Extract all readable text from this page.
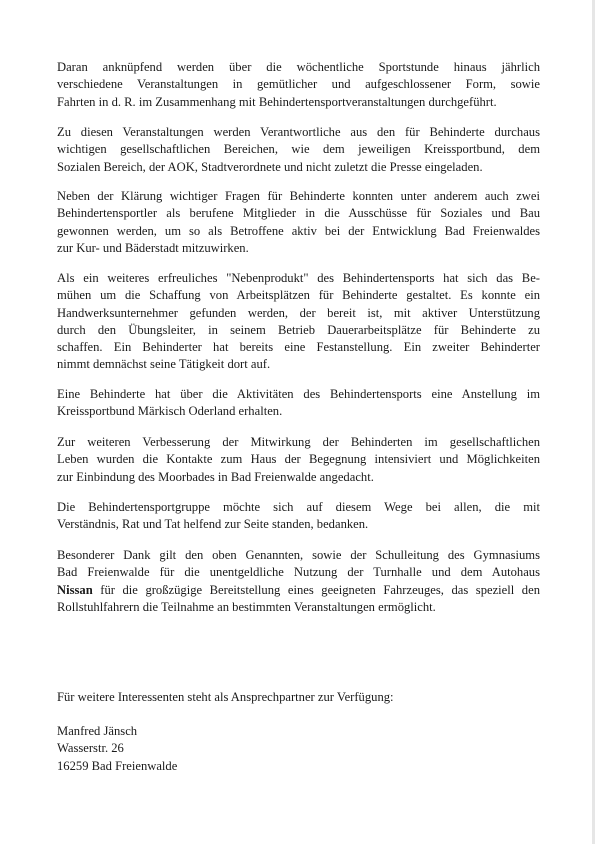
Daran anknüpfend werden über die wöchentliche Sportstunde hinaus jährlich
verschiedene Veranstaltungen in gemütlicher und aufgeschlossener Form, sowie
Fahrten in d. R. im Zusammenhang mit Behindertensportveranstaltungen durchgeführt.
Zu diesen Veranstaltungen werden Verantwortliche aus den für Behinderte durchaus
wichtigen gesellschaftlichen Bereichen, wie dem jeweiligen Kreissportbund, dem
Sozialen Bereich, der AOK, Stadtverordnete und nicht zuletzt die Presse eingeladen.
Neben der Klärung wichtiger Fragen für Behinderte konnten unter anderem auch zwei
Behindertensportler als berufene Mitglieder in die Ausschüsse für Soziales und Bau
gewonnen werden, um so als Betroffene aktiv bei der Entwicklung Bad Freienwaldes
zur Kur- und Bäderstadt mitzuwirken.
Als ein weiteres erfreuliches "Nebenprodukt" des Behindertensports hat sich das Be-
mühen um die Schaffung von Arbeitsplätzen für Behinderte gestaltet. Es konnte ein
Handwerksunternehmer gefunden werden, der bereit ist, mit aktiver Unterstützung
durch den Übungsleiter, in seinem Betrieb Dauerarbeitsplätze für Behinderte zu
schaffen. Ein Behinderter hat bereits eine Festanstellung. Ein zweiter Behinderter
nimmt demnächst seine Tätigkeit dort auf.
Eine Behinderte hat über die Aktivitäten des Behindertensports eine Anstellung im
Kreissportbund Märkisch Oderland erhalten.
Zur weiteren Verbesserung der Mitwirkung der Behinderten im gesellschaftlichen
Leben wurden die Kontakte zum Haus der Begegnung intensiviert und Möglichkeiten
zur Einbindung des Moorbades in Bad Freienwalde angedacht.
Die Behindertensportgruppe möchte sich auf diesem Wege bei allen, die mit
Verständnis, Rat und Tat helfend zur Seite standen, bedanken.
Besonderer Dank gilt den oben Genannten, sowie der Schulleitung des Gymnasiums
Bad Freienwalde für die unentgeldliche Nutzung der Turnhalle und dem Autohaus
Nissan für die großzügige Bereitstellung eines geeigneten Fahrzeuges, das speziell den
Rollstuhlfahrern die Teilnahme an bestimmten Veranstaltungen ermöglicht.

Für weitere Interessenten steht als Ansprechpartner zur Verfügung:

Manfred Jänsch
Wasserstr. 26
16259 Bad Freienwalde
